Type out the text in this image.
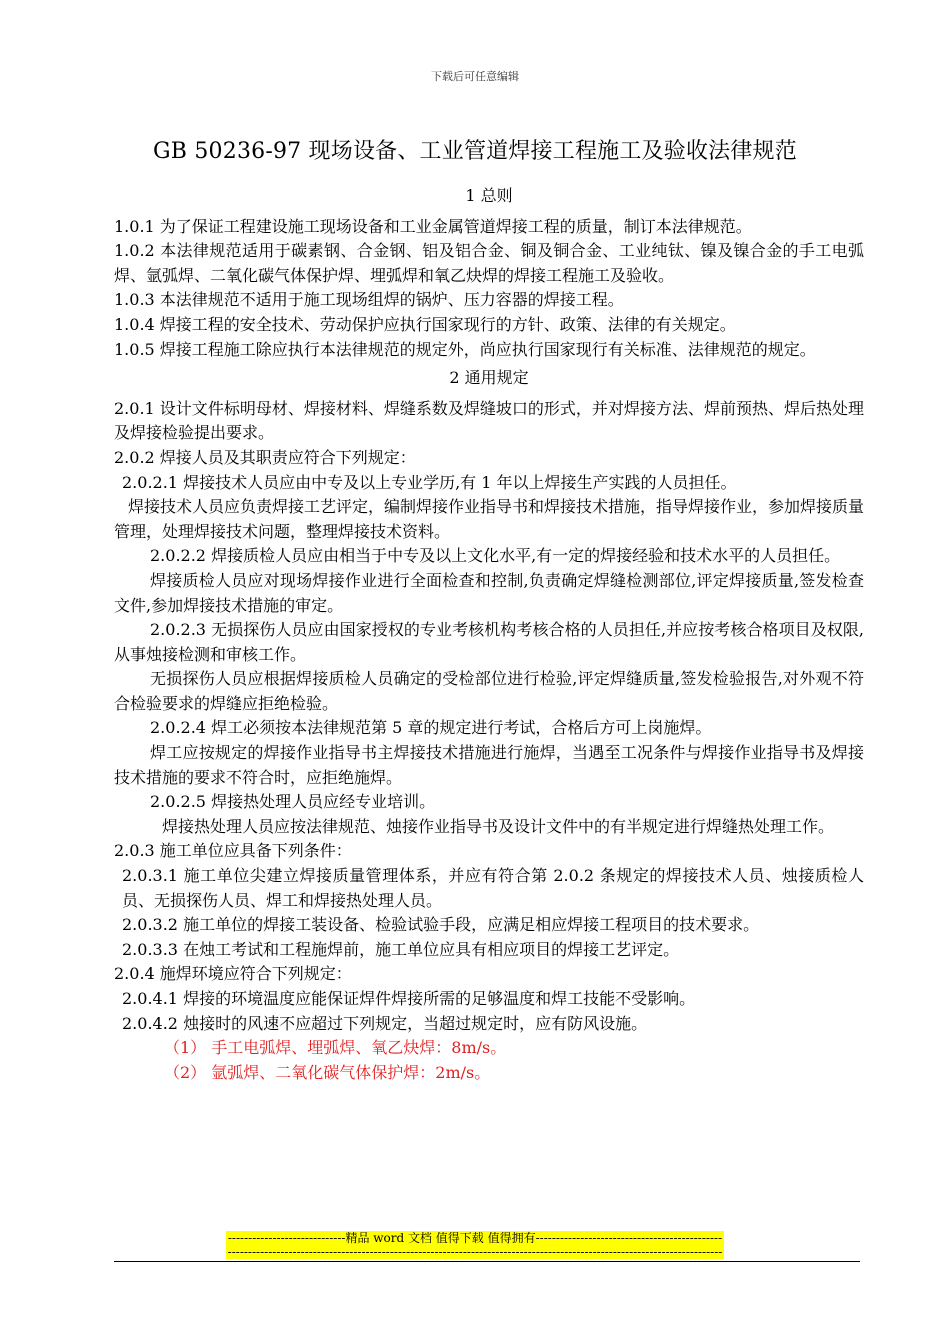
下载后可任意编辑
GB 50236-97 现场设备、工业管道焊接工程施工及验收法律规范
1 总则

1.0.1 为了保证工程建设施工现场设备和工业金属管道焊接工程的质量，制订本法律规范。

1.0.2 本法律规范适用于碳素钢、合金钢、铝及铝合金、铜及铜合金、工业纯钛、镍及镍合金的手工电弧焊、氩弧焊、二氧化碳气体保护焊、埋弧焊和氧乙炔焊的焊接工程施工及验收。

1.0.3 本法律规范不适用于施工现场组焊的锅炉、压力容器的焊接工程。

1.0.4 焊接工程的安全技术、劳动保护应执行国家现行的方针、政策、法律的有关规定。

1.0.5 焊接工程施工除应执行本法律规范的规定外，尚应执行国家现行有关标准、法律规范的规定。

2 通用规定

2.0.1 设计文件标明母材、焊接材料、焊缝系数及焊缝坡口的形式，并对焊接方法、焊前预热、焊后热处理及焊接检验提出要求。

2.0.2 焊接人员及其职责应符合下列规定：

2.0.2.1 焊接技术人员应由中专及以上专业学历,有 1 年以上焊接生产实践的人员担任。

焊接技术人员应负责焊接工艺评定，编制焊接作业指导书和焊接技术措施，指导焊接作业，参加焊接质量管理，处理焊接技术问题，整理焊接技术资料。

2.0.2.2 焊接质检人员应由相当于中专及以上文化水平,有一定的焊接经验和技术水平的人员担任。

焊接质检人员应对现场焊接作业进行全面检查和控制,负责确定焊缝检测部位,评定焊接质量,签发检查文件,参加焊接技术措施的审定。

2.0.2.3 无损探伤人员应由国家授权的专业考核机构考核合格的人员担任,并应按考核合格项目及权限,从事烛接检测和审核工作。

无损探伤人员应根据焊接质检人员确定的受检部位进行检验,评定焊缝质量,签发检验报告,对外观不符合检验要求的焊缝应拒绝检验。

2.0.2.4 焊工必须按本法律规范第 5 章的规定进行考试，合格后方可上岗施焊。

焊工应按规定的焊接作业指导书主焊接技术措施进行施焊，当遇至工况条件与焊接作业指导书及焊接技术措施的要求不符合时，应拒绝施焊。

2.0.2.5 焊接热处理人员应经专业培训。

焊接热处理人员应按法律规范、烛接作业指导书及设计文件中的有半规定进行焊缝热处理工作。

2.0.3 施工单位应具备下列条件：

2.0.3.1 施工单位尖建立焊接质量管理体系，并应有符合第 2.0.2 条规定的焊接技术人员、烛接质检人员、无损探伤人员、焊工和焊接热处理人员。

2.0.3.2 施工单位的焊接工装设备、检验试验手段，应满足相应焊接工程项目的技术要求。

2.0.3.3 在烛工考试和工程施焊前，施工单位应具有相应项目的焊接工艺评定。

2.0.4 施焊环境应符合下列规定：

2.0.4.1 焊接的环境温度应能保证焊件焊接所需的足够温度和焊工技能不受影响。

2.0.4.2 烛接时的风速不应超过下列规定，当超过规定时，应有防风设施。

（1） 手工电弧焊、埋弧焊、氧乙炔焊：8m/s。

（2） 氩弧焊、二氧化碳气体保护焊：2m/s。

-----------------------------精品 word 文档 值得下载 值得拥有----------------------------------------------
--------------------------------------------------------------------------------------------------------------------------
